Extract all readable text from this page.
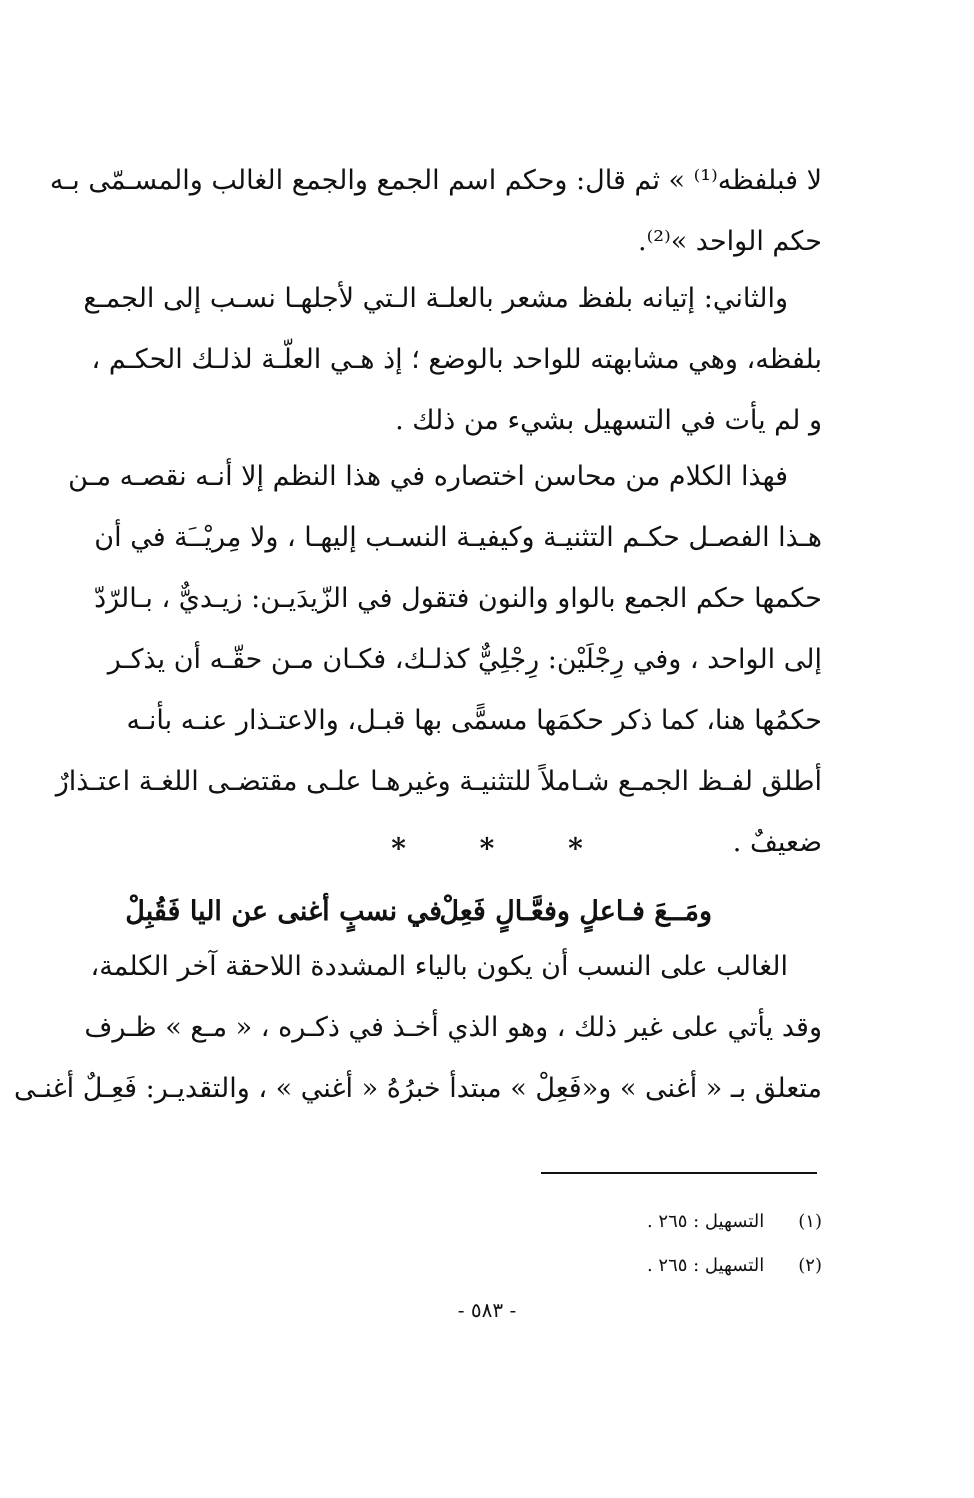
لا فبلفظه⁽¹⁾ » ثم قال: وحكم اسم الجمع والجمع الغالب والمسـمّى بـه
حكم الواحد »⁽²⁾.
والثاني: إتيانه بلفظ مشعر بالعلـة الـتي لأجلهـا نسـب إلى الجمـع
بلفظه، وهي مشابهته للواحد بالوضع ؛ إذ هـي العلّـة لذلـك الحكـم ،
و لم يأت في التسهيل بشيء من ذلك .
فهذا الكلام من محاسن اختصاره في هذا النظم إلا أنـه نقصـه مـن
هـذا الفصـل حكـم التثنيـة وكيفيـة النسـب إليهـا ، ولا مِريْــَة في أن
حكمها حكم الجمع بالواو والنون فتقول في الزّيدَيـن: زيـديٌّ ، بـالرّدّ
إلى الواحد ، وفي رِجْلَيْن: رِجْلِيٌّ كذلـك، فكـان مـن حقّـه أن يذكـر
حكمُها هنا، كما ذكر حكمَها مسمًّى بها قبـل، والاعتـذار عنـه بأنـه
أطلق لفـظ الجمـع شـاملاً للتثنيـة وغيرهـا علـى مقتضـى اللغـة اعتـذارٌ
ضعيفٌ .
*	*	*
ومَــعَ فـاعلٍ وفعَّـالٍ فَعِلْ
في نسبٍ أغنى عن اليا فَقُبِلْ
الغالب على النسب أن يكون بالياء المشددة اللاحقة آخر الكلمة،
وقد يأتي على غير ذلك ، وهو الذي أخـذ في ذكـره ، « مـع » ظـرف
متعلق بـ « أغنى » و«فَعِلْ » مبتدأ خبرُهُ « أغني » ، والتقديـر: فَعِـلٌ أغنـى
(١) التسهيل : ٢٦٥ .
(٢) التسهيل : ٢٦٥ .
- ٥٨٣ -
